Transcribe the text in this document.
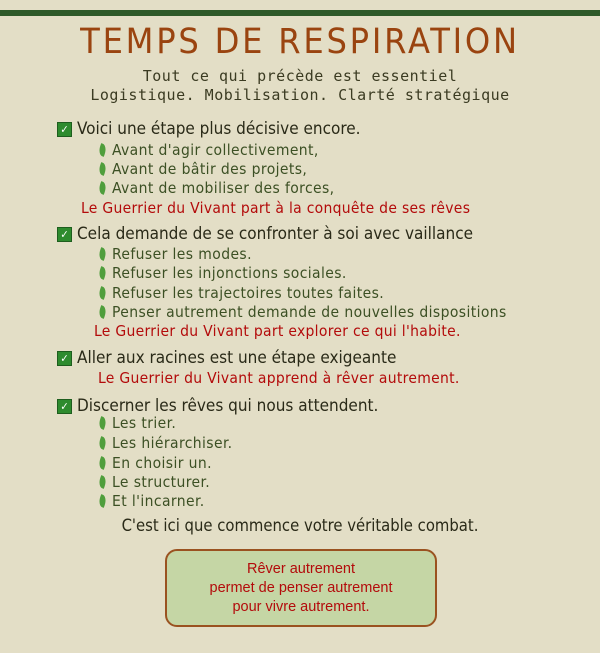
TEMPS DE RESPIRATION
Tout ce qui précède est essentiel
Logistique. Mobilisation. Clarté stratégique
✓ Voici une étape plus décisive encore.
Avant d'agir collectivement,
Avant de bâtir des projets,
Avant de mobiliser des forces,
Le Guerrier du Vivant part à la conquête de ses rêves
✓ Cela demande de se confronter à soi avec vaillance
Refuser les modes.
Refuser les injonctions sociales.
Refuser les trajectoires toutes faites.
Penser autrement demande de nouvelles dispositions
Le Guerrier du Vivant part explorer ce qui l'habite.
✓ Aller aux racines est une étape exigeante
Le Guerrier du Vivant apprend à rêver autrement.
✓ Discerner les rêves qui nous attendent.
Les trier.
Les hiérarchiser.
En choisir un.
Le structurer.
Et l'incarner.
C'est ici que commence votre véritable combat.
Rêver autrement
permet de penser autrement
pour vivre autrement.
